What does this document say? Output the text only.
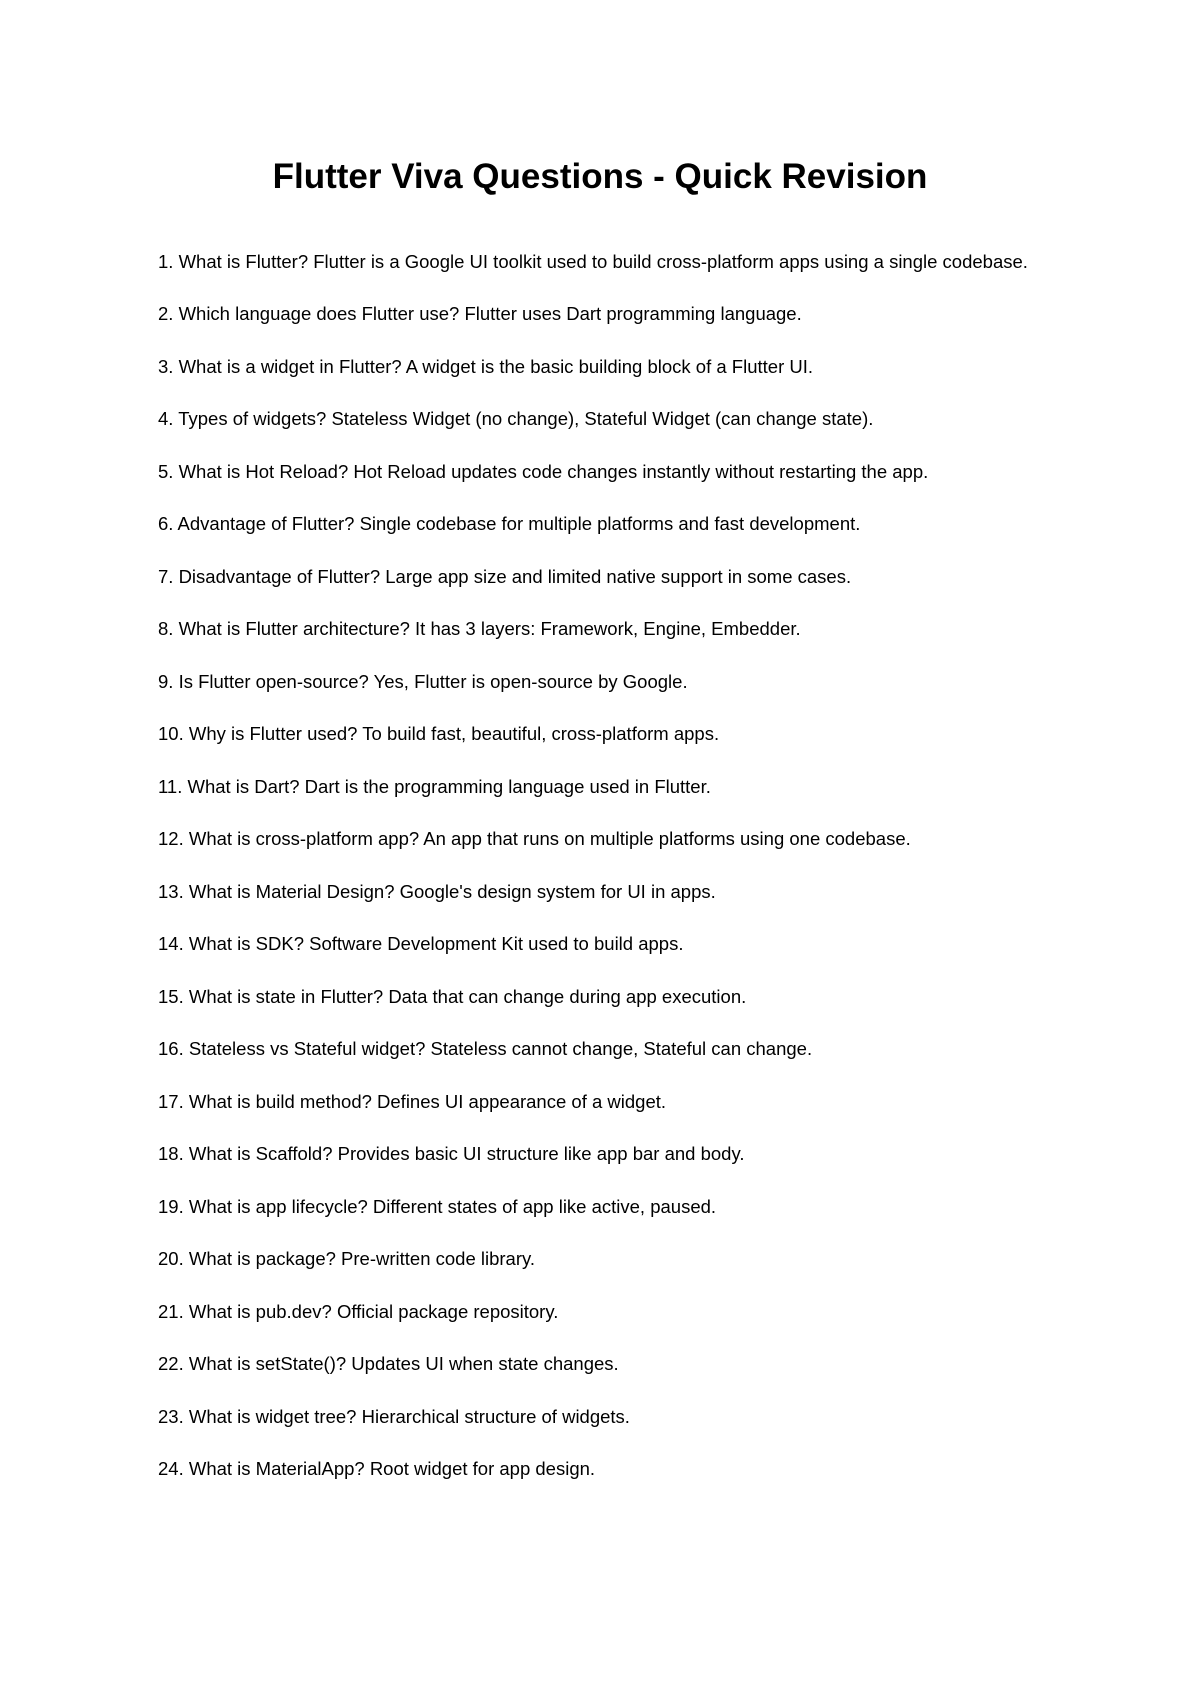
Flutter Viva Questions - Quick Revision
1. What is Flutter? Flutter is a Google UI toolkit used to build cross-platform apps using a single codebase.
2. Which language does Flutter use? Flutter uses Dart programming language.
3. What is a widget in Flutter? A widget is the basic building block of a Flutter UI.
4. Types of widgets? Stateless Widget (no change), Stateful Widget (can change state).
5. What is Hot Reload? Hot Reload updates code changes instantly without restarting the app.
6. Advantage of Flutter? Single codebase for multiple platforms and fast development.
7. Disadvantage of Flutter? Large app size and limited native support in some cases.
8. What is Flutter architecture? It has 3 layers: Framework, Engine, Embedder.
9. Is Flutter open-source? Yes, Flutter is open-source by Google.
10. Why is Flutter used? To build fast, beautiful, cross-platform apps.
11. What is Dart? Dart is the programming language used in Flutter.
12. What is cross-platform app? An app that runs on multiple platforms using one codebase.
13. What is Material Design? Google's design system for UI in apps.
14. What is SDK? Software Development Kit used to build apps.
15. What is state in Flutter? Data that can change during app execution.
16. Stateless vs Stateful widget? Stateless cannot change, Stateful can change.
17. What is build method? Defines UI appearance of a widget.
18. What is Scaffold? Provides basic UI structure like app bar and body.
19. What is app lifecycle? Different states of app like active, paused.
20. What is package? Pre-written code library.
21. What is pub.dev? Official package repository.
22. What is setState()? Updates UI when state changes.
23. What is widget tree? Hierarchical structure of widgets.
24. What is MaterialApp? Root widget for app design.
